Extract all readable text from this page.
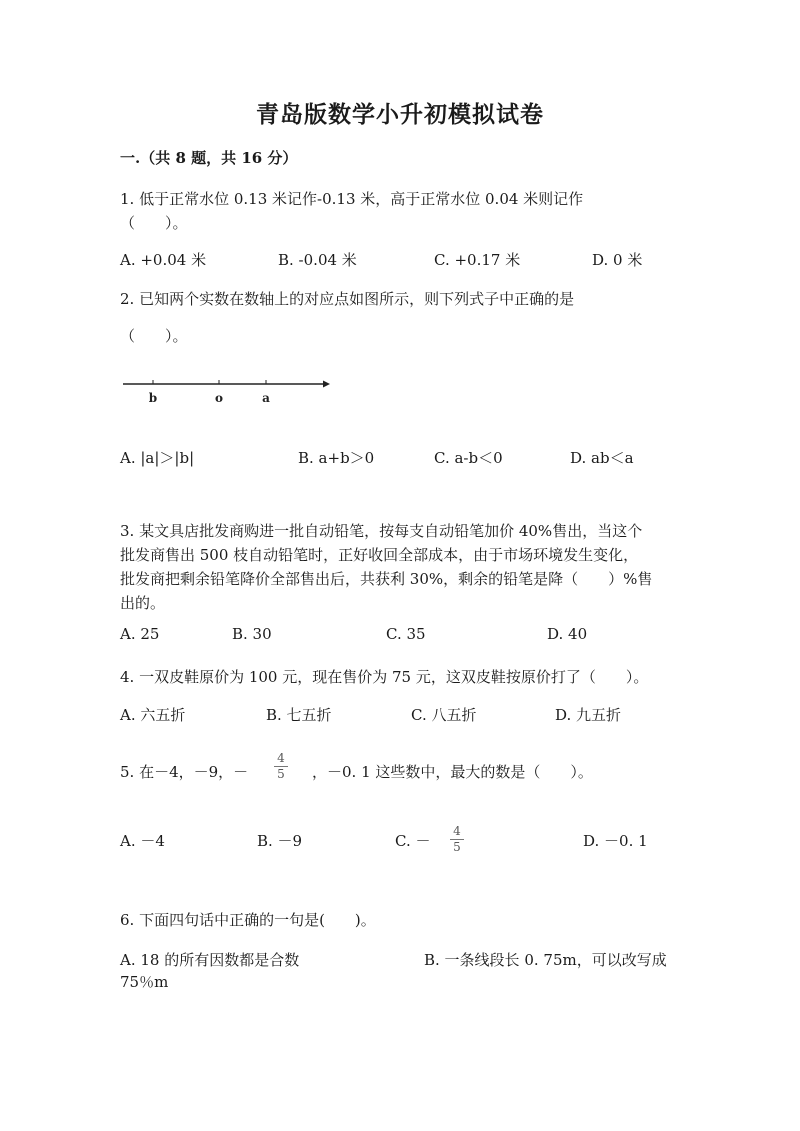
青岛版数学小升初模拟试卷
一.（共 8 题，共 16 分）
1. 低于正常水位 0.13 米记作-0.13 米，高于正常水位 0.04 米则记作
（　　）。
A. +0.04 米	B. -0.04 米	C. +0.17 米	D. 0 米
2. 已知两个实数在数轴上的对应点如图所示，则下列式子中正确的是
（　　）。
b	o	a
A. |a|＞|b|	B. a+b＞0	C. a-b＜0	D. ab＜a
3. 某文具店批发商购进一批自动铅笔，按每支自动铅笔加价 40%售出，当这个
批发商售出 500 枝自动铅笔时，正好收回全部成本，由于市场环境发生变化，
批发商把剩余铅笔降价全部售出后，共获利 30%，剩余的铅笔是降（　　）%售
出的。
A. 25	B. 30	C. 35	D. 40
4. 一双皮鞋原价为 100 元，现在售价为 75 元，这双皮鞋按原价打了（　　）。
A. 六五折	B. 七五折	C. 八五折	D. 九五折
5. 在－4，－9，－
4
5 ，－0. 1 这些数中，最大的数是（　　）。
A. －4	B. －9	C. －
4
5	D. －0. 1
6. 下面四句话中正确的一句是(　　)。
A. 18 的所有因数都是合数	B. 一条线段长 0. 75m，可以改写成
75％m
